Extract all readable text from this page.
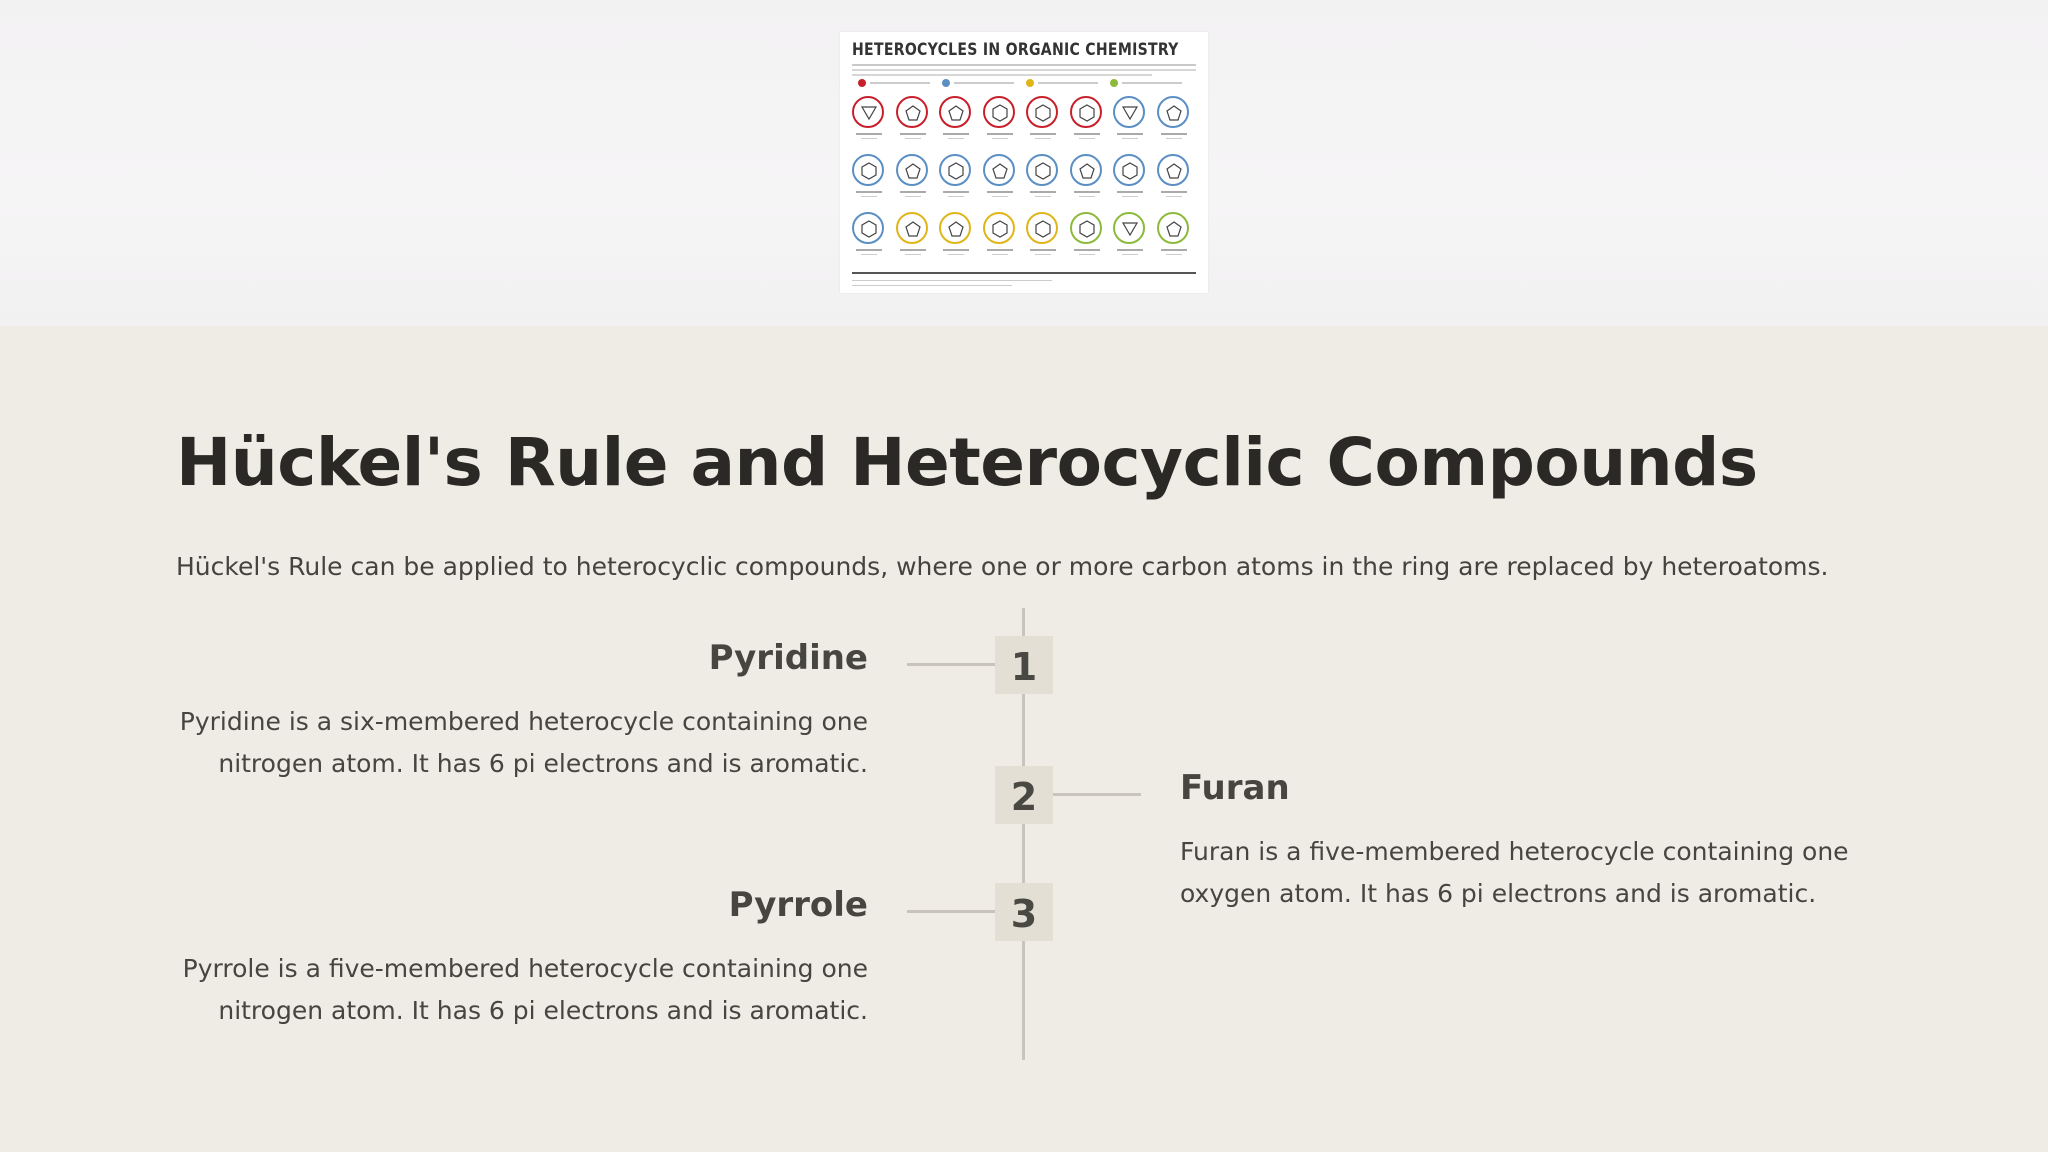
HETEROCYCLES IN ORGANIC CHEMISTRY
Hückel's Rule and Heterocyclic Compounds

Hückel's Rule can be applied to heterocyclic compounds, where one or more carbon atoms in the ring are replaced by heteroatoms.

1
Pyridine
Pyridine is a six-membered heterocycle containing one nitrogen atom. It has 6 pi electrons and is aromatic.
2	Furan
Furan is a five-membered heterocycle containing one oxygen atom. It has 6 pi electrons and is aromatic.
3
Pyrrole
Pyrrole is a five-membered heterocycle containing one nitrogen atom. It has 6 pi electrons and is aromatic.
